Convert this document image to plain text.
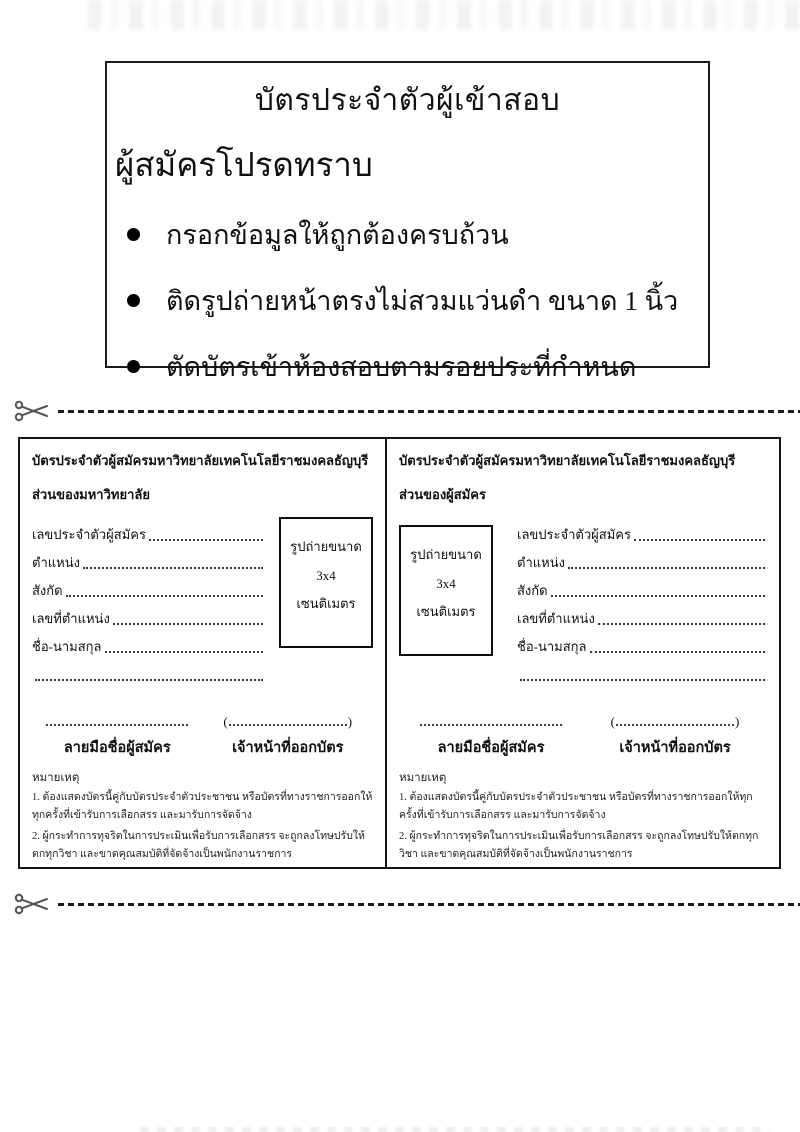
บัตรประจำตัวผู้เข้าสอบ
ผู้สมัครโปรดทราบ
กรอกข้อมูลให้ถูกต้องครบถ้วน
ติดรูปถ่ายหน้าตรงไม่สวมแว่นดำ ขนาด 1 นิ้ว
ตัดบัตรเข้าห้องสอบตามรอยประที่กำหนด
บัตรประจำตัวผู้สมัครมหาวิทยาลัยเทคโนโลยีราชมงคลธัญบุรี
ส่วนของมหาวิทยาลัย
เลขประจำตัวผู้สมัคร
ตำแหน่ง
สังกัด
เลขที่ตำแหน่ง
ชื่อ-นามสกุล
รูปถ่ายขนาด
3x4
เซนติเมตร
ลายมือชื่อผู้สมัคร
(	)
เจ้าหน้าที่ออกบัตร

หมายเหตุ

1. ต้องแสดงบัตรนี้คู่กับบัตรประจำตัวประชาชน หรือบัตรที่ทางราชการออกให้ทุกครั้งที่เข้ารับการเลือกสรร และมารับการจัดจ้าง

2. ผู้กระทำการทุจริตในการประเมินเพื่อรับการเลือกสรร จะถูกลงโทษปรับให้ตกทุกวิชา และขาดคุณสมบัติที่จัดจ้างเป็นพนักงานราชการ

บัตรประจำตัวผู้สมัครมหาวิทยาลัยเทคโนโลยีราชมงคลธัญบุรี
ส่วนของผู้สมัคร
รูปถ่ายขนาด
3x4
เซนติเมตร
เลขประจำตัวผู้สมัคร
ตำแหน่ง
สังกัด
เลขที่ตำแหน่ง
ชื่อ-นามสกุล
ลายมือชื่อผู้สมัคร
(	)
เจ้าหน้าที่ออกบัตร

หมายเหตุ

1. ต้องแสดงบัตรนี้คู่กับบัตรประจำตัวประชาชน หรือบัตรที่ทางราชการออกให้ทุกครั้งที่เข้ารับการเลือกสรร และมารับการจัดจ้าง

2. ผู้กระทำการทุจริตในการประเมินเพื่อรับการเลือกสรร จะถูกลงโทษปรับให้ตกทุกวิชา และขาดคุณสมบัติที่จัดจ้างเป็นพนักงานราชการ
